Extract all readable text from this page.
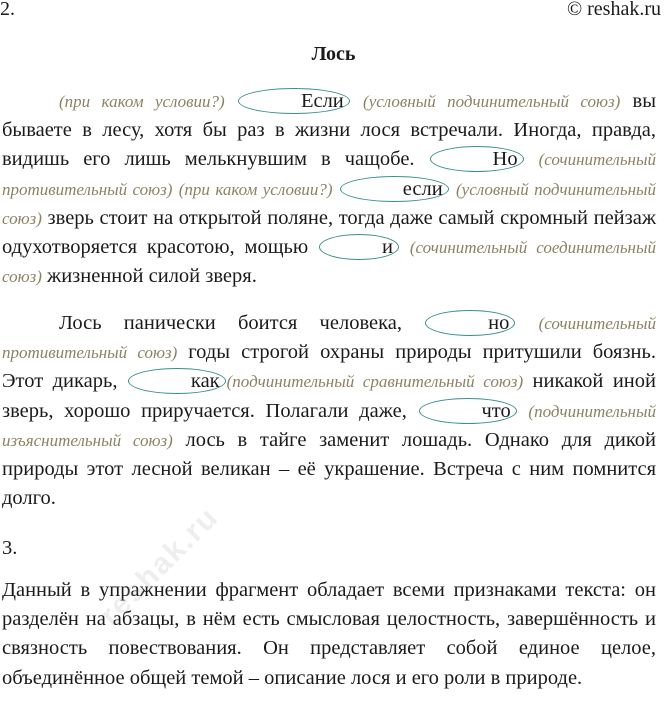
2.	© reshak.ru
Лось

(при каком условии?)	Если (условный подчинительный союз) вы бываете в лесу, хотя бы раз в жизни лося встречали. Иногда, правда, видишь его лишь мелькнувшим в чащобе.	Но (сочинительный противительный союз) (при каком условии?)	если (условный подчинительный союз) зверь стоит на открытой поляне, тогда даже самый скромный пейзаж одухотворяется красотою, мощью	и (сочинительный соединительный союз) жизненной силой зверя.

Лось панически боится человека,	но (сочинительный противительный союз) годы строгой охраны природы притушили боязнь. Этот дикарь,	как (подчинительный сравнительный союз) никакой иной зверь, хорошо приручается. Полагали даже,	что (подчинительный изъяснительный союз) лось в тайге заменит лошадь. Однако для дикой природы этот лесной великан – её украшение. Встреча с ним помнится долго.

3.

Данный в упражнении фрагмент обладает всеми признаками текста: он разделён на абзацы, в нём есть смысловая целостность, завершённость и связность повествования. Он представляет собой единое целое, объединённое общей темой – описание лося и его роли в природе.

reshak.ru
